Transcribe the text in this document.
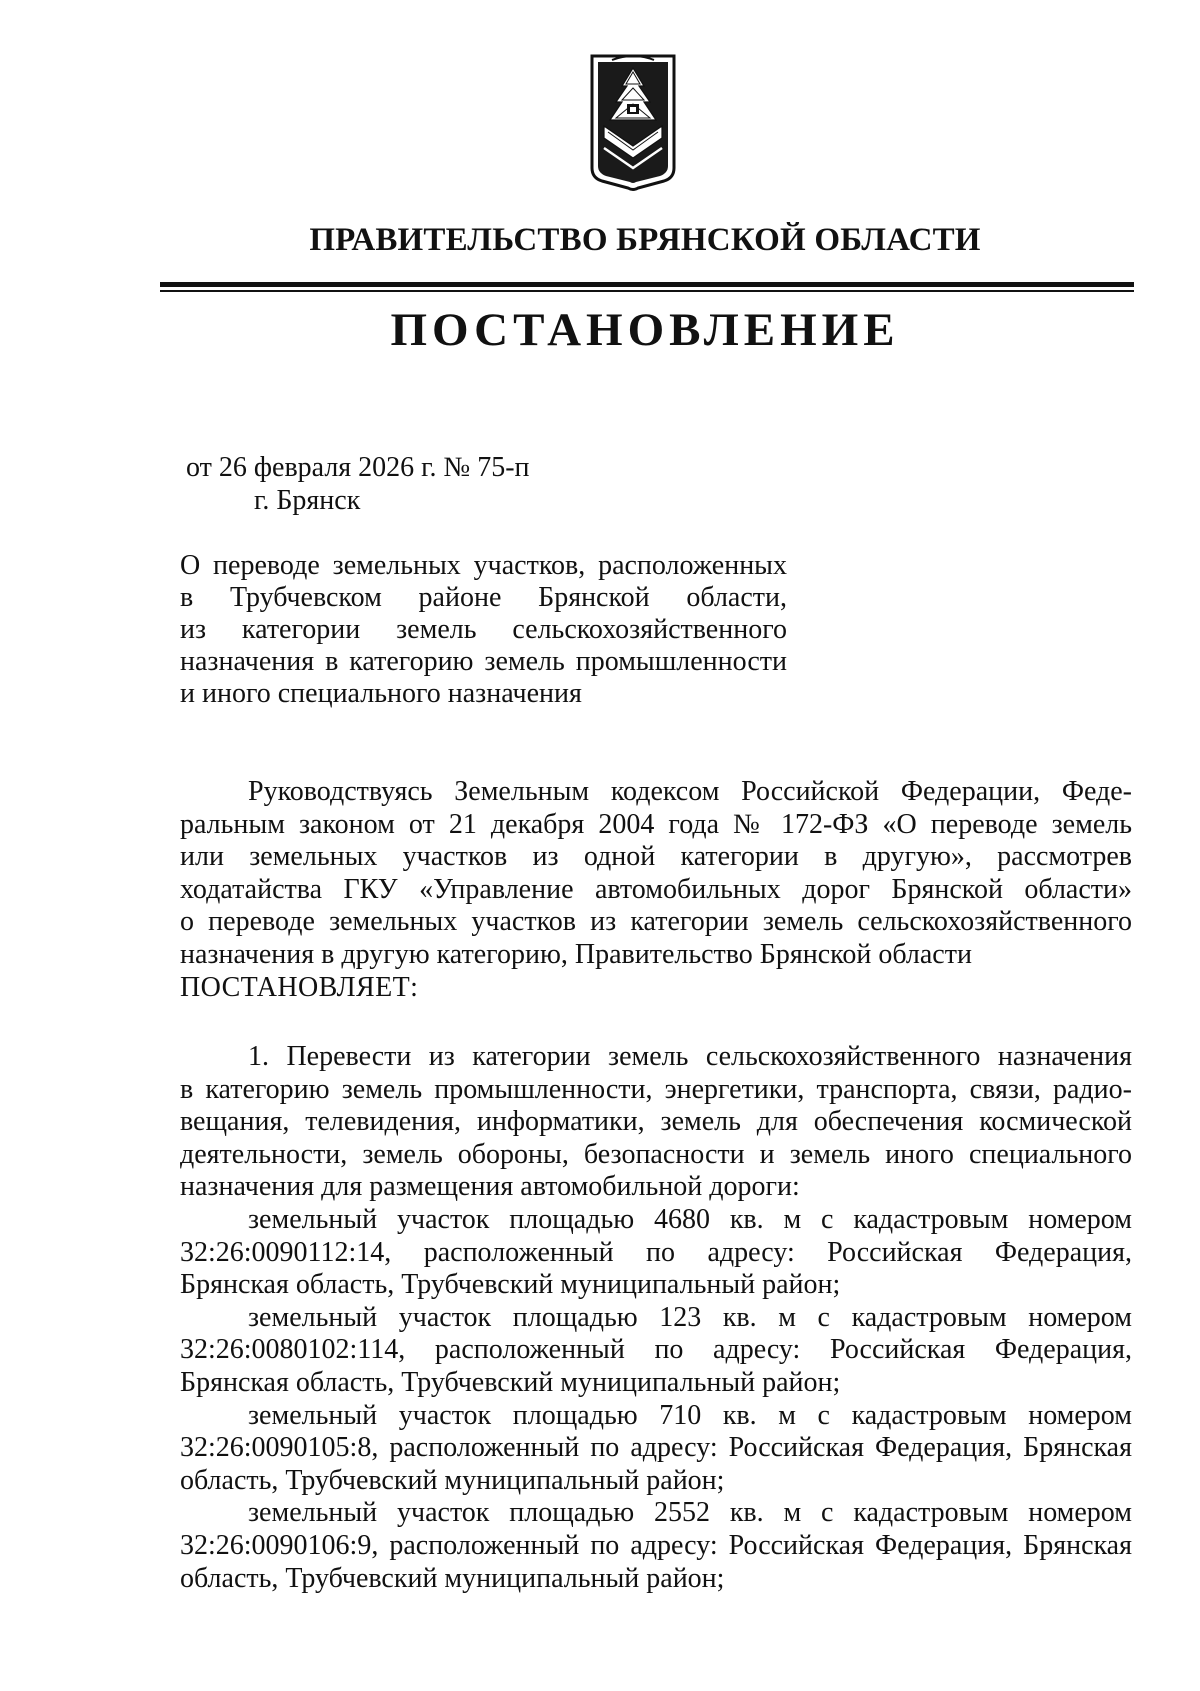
ПРАВИТЕЛЬСТВО БРЯНСКОЙ ОБЛАСТИ
ПОСТАНОВЛЕНИЕ
от 26 февраля 2026 г. № 75-п
г. Брянск
О переводе земельных участков, расположенных
в Трубчевском районе Брянской области,
из категории земель сельскохозяйственного
назначения в категорию земель промышленности
и иного специального назначения
Руководствуясь Земельным кодексом Российской Федерации, Феде-
ральным законом от 21 декабря 2004 года № 172-ФЗ «О переводе земель
или земельных участков из одной категории в другую», рассмотрев
ходатайства ГКУ «Управление автомобильных дорог Брянской области»
о переводе земельных участков из категории земель сельскохозяйственного
назначения в другую категорию, Правительство Брянской области
ПОСТАНОВЛЯЕТ:
1. Перевести из категории земель сельскохозяйственного назначения
в категорию земель промышленности, энергетики, транспорта, связи, радио-
вещания, телевидения, информатики, земель для обеспечения космической
деятельности, земель обороны, безопасности и земель иного специального
назначения для размещения автомобильной дороги:
земельный участок площадью 4680 кв. м с кадастровым номером
32:26:0090112:14, расположенный по адресу: Российская Федерация,
Брянская область, Трубчевский муниципальный район;
земельный участок площадью 123 кв. м с кадастровым номером
32:26:0080102:114, расположенный по адресу: Российская Федерация,
Брянская область, Трубчевский муниципальный район;
земельный участок площадью 710 кв. м с кадастровым номером
32:26:0090105:8, расположенный по адресу: Российская Федерация, Брянская
область, Трубчевский муниципальный район;
земельный участок площадью 2552 кв. м с кадастровым номером
32:26:0090106:9, расположенный по адресу: Российская Федерация, Брянская
область, Трубчевский муниципальный район;
